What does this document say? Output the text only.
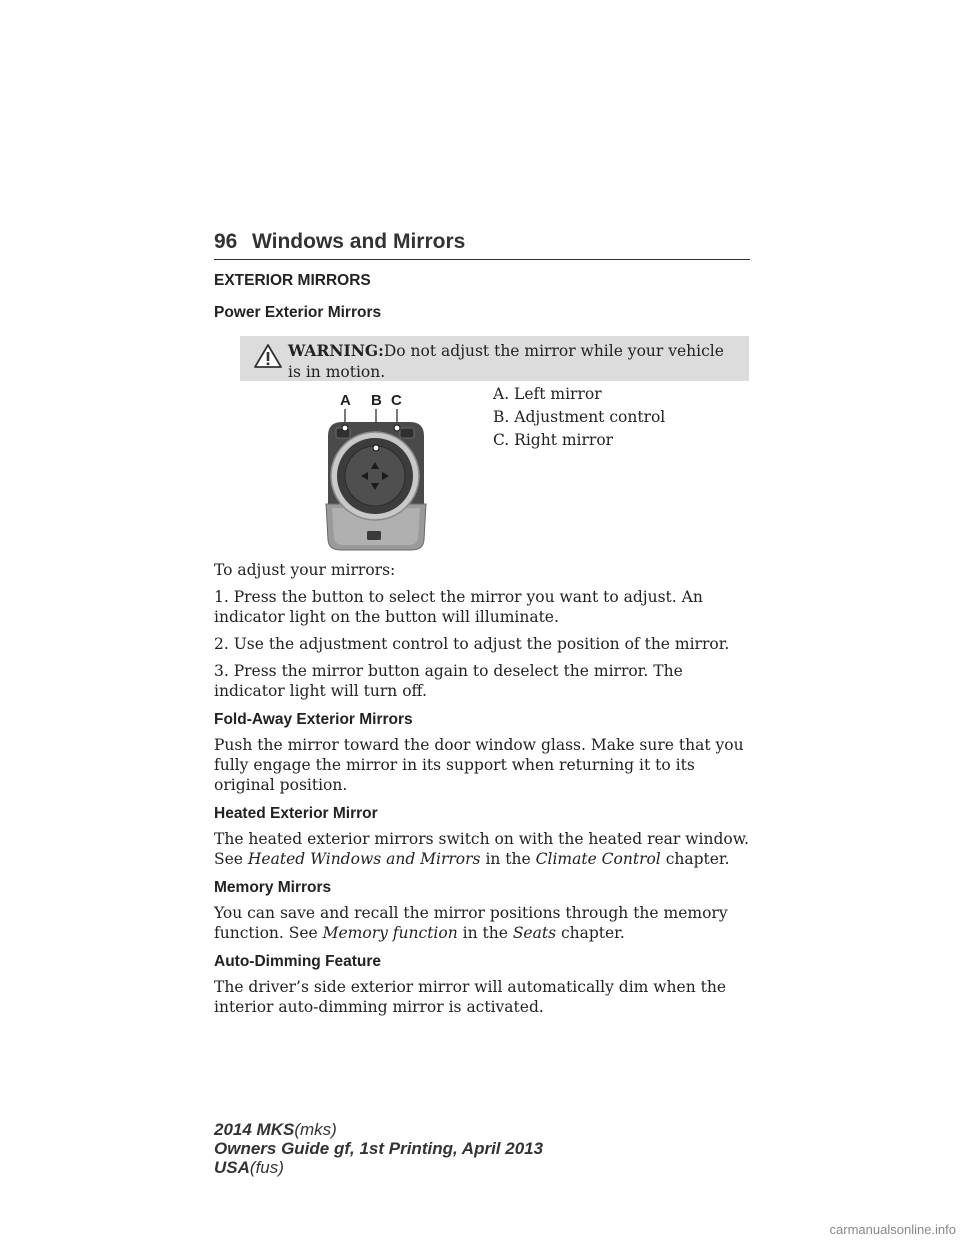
96 Windows and Mirrors
EXTERIOR MIRRORS
Power Exterior Mirrors
WARNING:Do not adjust the mirror while your vehicle is in motion.
A B C	A. Left mirror

B. Adjustment control

C. Right mirror

To adjust your mirrors:

1. Press the button to select the mirror you want to adjust. An indicator light on the button will illuminate.

2. Use the adjustment control to adjust the position of the mirror.

3. Press the mirror button again to deselect the mirror. The indicator light will turn off.

Fold-Away Exterior Mirrors

Push the mirror toward the door window glass. Make sure that you fully engage the mirror in its support when returning it to its original position.

Heated Exterior Mirror

The heated exterior mirrors switch on with the heated rear window. See Heated Windows and Mirrors in the Climate Control chapter.

Memory Mirrors

You can save and recall the mirror positions through the memory function. See Memory function in the Seats chapter.

Auto-Dimming Feature

The driver’s side exterior mirror will automatically dim when the interior auto-dimming mirror is activated.

2014 MKS(mks)
Owners Guide gf, 1st Printing, April 2013
USA(fus)
carmanualsonline.info
